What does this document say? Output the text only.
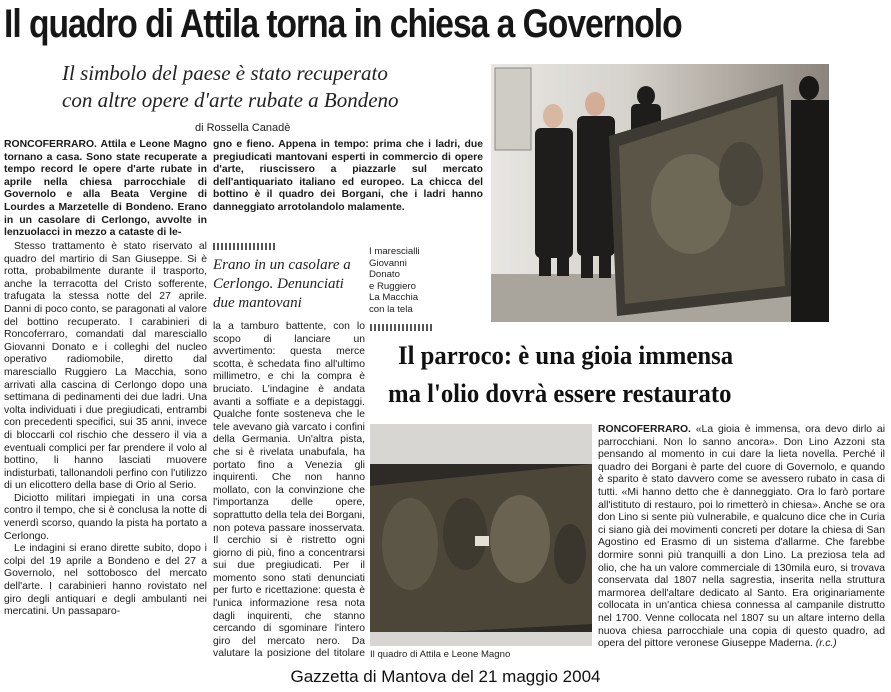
Il quadro di Attila torna in chiesa a Governolo
Il simbolo del paese è stato recuperato
con altre opere d'arte rubate a Bondeno
di Rossella Canadè

RONCOFERRARO. Attila e Leone Magno tornano a casa. Sono state recuperate a tempo record le opere d'arte rubate in aprile nella chiesa parrocchiale di Governolo e alla Beata Vergine di Lourdes a Marzetelle di Bondeno. Erano in un casolare di Cerlongo, avvolte in lenzuolacci in mezzo a cataste di le-

gno e fieno. Appena in tempo: prima che i ladri, due pregiudicati mantovani esperti in commercio di opere d'arte, riuscissero a piazzarle sul mercato dell'antiquariato italiano ed europeo. La chicca del bottino è il quadro dei Borgani, che i ladri hanno danneggiato arrotolandolo malamente.

Stesso trattamento è stato riservato al quadro del martirio di San Giuseppe. Si è rotta, probabilmente durante il trasporto, anche la terracotta del Cristo sofferente, trafugata la stessa notte del 27 aprile. Danni di poco conto, se paragonati al valore del bottino recuperato. I carabinieri di Roncoferraro, comandati dal maresciallo Giovanni Donato e i colleghi del nucleo operativo radiomobile, diretto dal maresciallo Ruggiero La Macchia, sono arrivati alla cascina di Cerlongo dopo una settimana di pedinamenti dei due ladri. Una volta individuati i due pregiudicati, entrambi con precedenti specifici, sui 35 anni, invece di bloccarli col rischio che dessero il via a eventuali complici per far prendere il volo al bottino, li hanno lasciati muovere indisturbati, tallonandoli perfino con l'utilizzo di un elicottero della base di Orio al Serio.

Diciotto militari impiegati in una corsa contro il tempo, che si è conclusa la notte di venerdì scorso, quando la pista ha portato a Cerlongo.

Le indagini si erano dirette subito, dopo i colpi del 19 aprile a Bondeno e del 27 a Governolo, nel sottobosco del mercato dell'arte. I carabinieri hanno rovistato nel giro degli antiquari e degli ambulanti nei mercatini. Un passaparo-

Erano in un casolare a Cerlongo. Denunciati due mantovani

la a tamburo battente, con lo scopo di lanciare un avvertimento: questa merce scotta, è schedata fino all'ultimo millimetro, e chi la compra è bruciato. L'indagine è andata avanti a soffiate e a depistaggi. Qualche fonte sosteneva che le tele avevano già varcato i confini della Germania. Un'altra pista, che si è rivelata unabufala, ha portato fino a Venezia gli inquirenti. Che non hanno mollato, con la convinzione che l'importanza delle opere, soprattutto della tela dei Borgani, non poteva passare inosservata. Il cerchio si è ristretto ogni giorno di più, fino a concentrarsi sui due pregiudicati. Per il momento sono stati denunciati per furto e ricettazione: questa è l'unica informazione resa nota dagli inquirenti, che stanno cercando di sgominare l'intero giro del mercato nero. Da valutare la posizione del titolare

I marescialli
Giovanni
Donato
e Ruggiero
La Macchia
con la tela
Il parroco: è una gioia immensa
ma l'olio dovrà essere restaurato
Il quadro di Attila e Leone Magno

RONCOFERRARO. «La gioia è immensa, ora devo dirlo ai parrocchiani. Non lo sanno ancora». Don Lino Azzoni sta pensando al momento in cui dare la lieta novella. Perché il quadro dei Borgani è parte del cuore di Governolo, e quando è sparito è stato davvero come se avessero rubato in casa di tutti. «Mi hanno detto che è danneggiato. Ora lo farò portare all'istituto di restauro, poi lo rimetterò in chiesa». Anche se ora don Lino si sente più vulnerabile, e qualcuno dice che in Curia ci siano già dei movimenti concreti per dotare la chiesa di San Agostino ed Erasmo di un sistema d'allarme. Che farebbe dormire sonni più tranquilli a don Lino. La preziosa tela ad olio, che ha un valore commerciale di 130mila euro, si trovava conservata dal 1807 nella sagrestia, inserita nella struttura marmorea dell'altare dedicato al Santo. Era originariamente collocata in un'antica chiesa connessa al campanile distrutto nel 1700. Venne collocata nel 1807 su un altare interno della nuova chiesa parrocchiale una copia di questo quadro, ad opera del pittore veronese Giuseppe Maderna. (r.c.)

Gazzetta di Mantova del 21 maggio 2004
